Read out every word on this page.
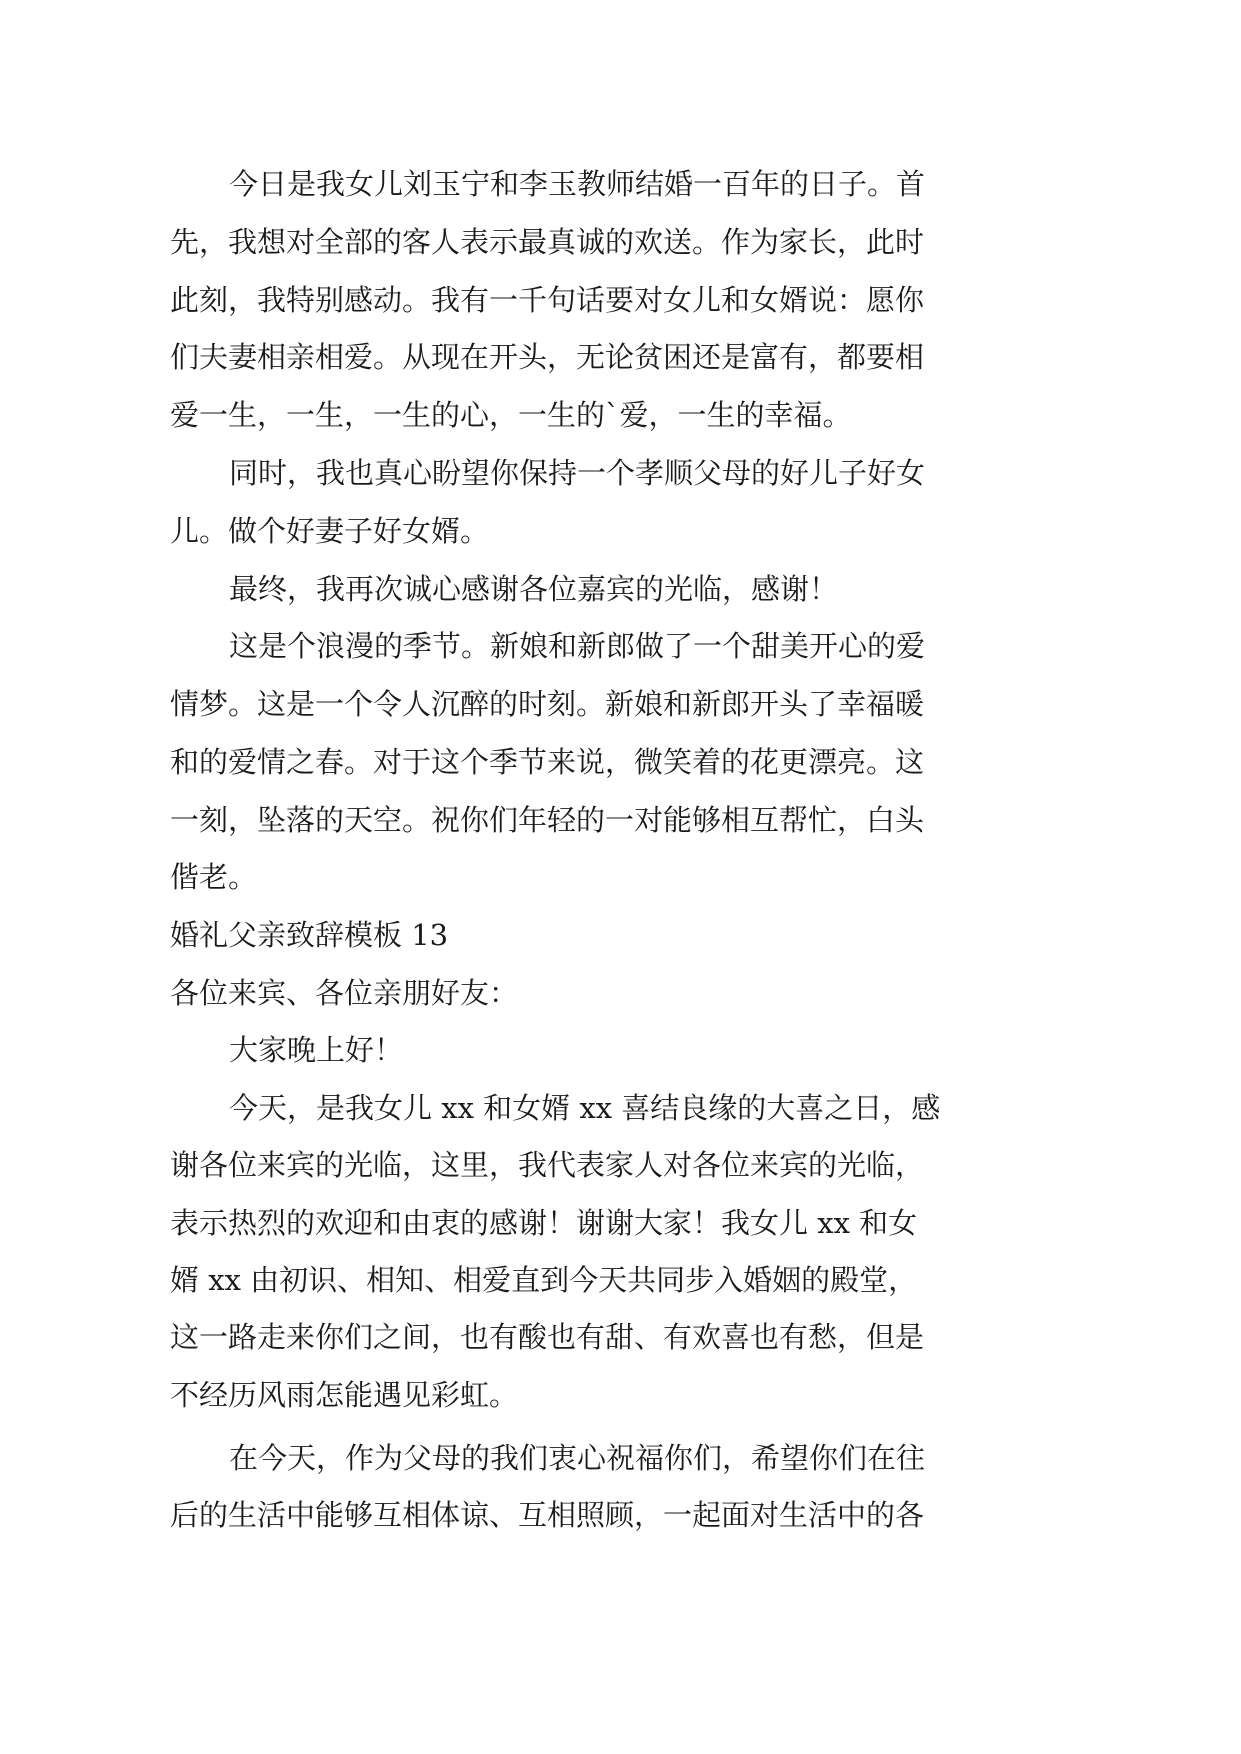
今日是我女儿刘玉宁和李玉教师结婚一百年的日子。首
先，我想对全部的客人表示最真诚的欢送。作为家长，此时
此刻，我特别感动。我有一千句话要对女儿和女婿说：愿你
们夫妻相亲相爱。从现在开头，无论贫困还是富有，都要相
爱一生，一生，一生的心，一生的`爱，一生的幸福。
同时，我也真心盼望你保持一个孝顺父母的好儿子好女
儿。做个好妻子好女婿。
最终，我再次诚心感谢各位嘉宾的光临，感谢！
这是个浪漫的季节。新娘和新郎做了一个甜美开心的爱
情梦。这是一个令人沉醉的时刻。新娘和新郎开头了幸福暖
和的爱情之春。对于这个季节来说，微笑着的花更漂亮。这
一刻，坠落的天空。祝你们年轻的一对能够相互帮忙，白头
偕老。
婚礼父亲致辞模板 13
各位来宾、各位亲朋好友：
大家晚上好！
今天，是我女儿 xx 和女婿 xx 喜结良缘的大喜之日，感
谢各位来宾的光临，这里，我代表家人对各位来宾的光临，
表示热烈的欢迎和由衷的感谢！谢谢大家！我女儿 xx 和女
婿 xx 由初识、相知、相爱直到今天共同步入婚姻的殿堂，
这一路走来你们之间，也有酸也有甜、有欢喜也有愁，但是
不经历风雨怎能遇见彩虹。
在今天，作为父母的我们衷心祝福你们，希望你们在往
后的生活中能够互相体谅、互相照顾，一起面对生活中的各
